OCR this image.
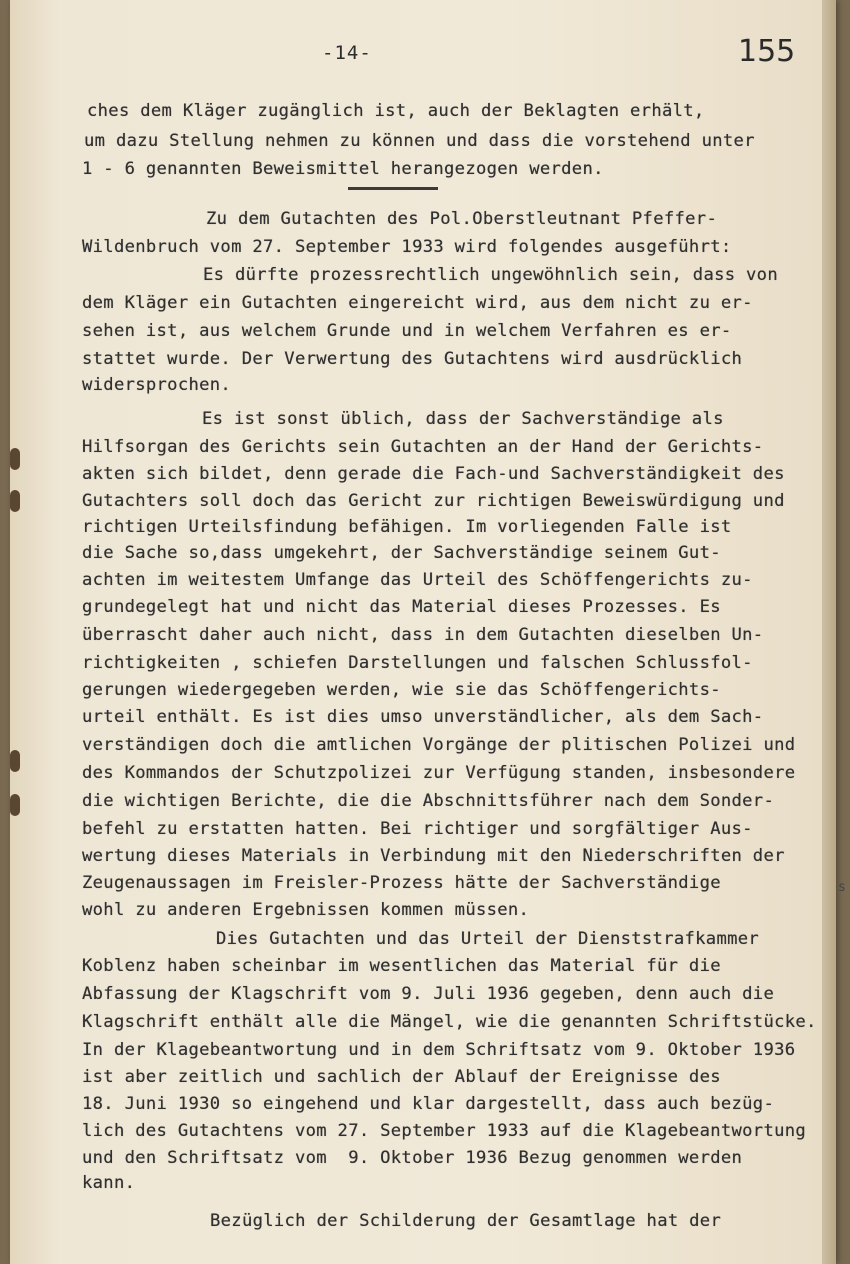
-14-	155
ches dem Kläger zugänglich ist, auch der Beklagten erhält,
um dazu Stellung nehmen zu können und dass die vorstehend unter
1 - 6 genannten Beweismittel herangezogen werden.
Zu dem Gutachten des Pol.Oberstleutnant Pfeffer-
Wildenbruch vom 27. September 1933 wird folgendes ausgeführt:
Es dürfte prozessrechtlich ungewöhnlich sein, dass von
dem Kläger ein Gutachten eingereicht wird, aus dem nicht zu er-
sehen ist, aus welchem Grunde und in welchem Verfahren es er-
stattet wurde. Der Verwertung des Gutachtens wird ausdrücklich
widersprochen.
Es ist sonst üblich, dass der Sachverständige als
Hilfsorgan des Gerichts sein Gutachten an der Hand der Gerichts-
akten sich bildet, denn gerade die Fach-und Sachverständigkeit des
Gutachters soll doch das Gericht zur richtigen Beweiswürdigung und
richtigen Urteilsfindung befähigen. Im vorliegenden Falle ist
die Sache so,dass umgekehrt, der Sachverständige seinem Gut-
achten im weitestem Umfange das Urteil des Schöffengerichts zu-
grundegelegt hat und nicht das Material dieses Prozesses. Es
überrascht daher auch nicht, dass in dem Gutachten dieselben Un-
richtigkeiten , schiefen Darstellungen und falschen Schlussfol-
gerungen wiedergegeben werden, wie sie das Schöffengerichts-
urteil enthält. Es ist dies umso unverständlicher, als dem Sach-
verständigen doch die amtlichen Vorgänge der plitischen Polizei und
des Kommandos der Schutzpolizei zur Verfügung standen, insbesondere
die wichtigen Berichte, die die Abschnittsführer nach dem Sonder-
befehl zu erstatten hatten. Bei richtiger und sorgfältiger Aus-
wertung dieses Materials in Verbindung mit den Niederschriften der
Zeugenaussagen im Freisler-Prozess hätte der Sachverständige
wohl zu anderen Ergebnissen kommen müssen.
Dies Gutachten und das Urteil der Dienststrafkammer
Koblenz haben scheinbar im wesentlichen das Material für die
Abfassung der Klagschrift vom 9. Juli 1936 gegeben, denn auch die
Klagschrift enthält alle die Mängel, wie die genannten Schriftstücke.
In der Klagebeantwortung und in dem Schriftsatz vom 9. Oktober 1936
ist aber zeitlich und sachlich der Ablauf der Ereignisse des
18. Juni 1930 so eingehend und klar dargestellt, dass auch bezüg-
lich des Gutachtens vom 27. September 1933 auf die Klagebeantwortung
und den Schriftsatz vom  9. Oktober 1936 Bezug genommen werden
kann.
Bezüglich der Schilderung der Gesamtlage hat der
s
